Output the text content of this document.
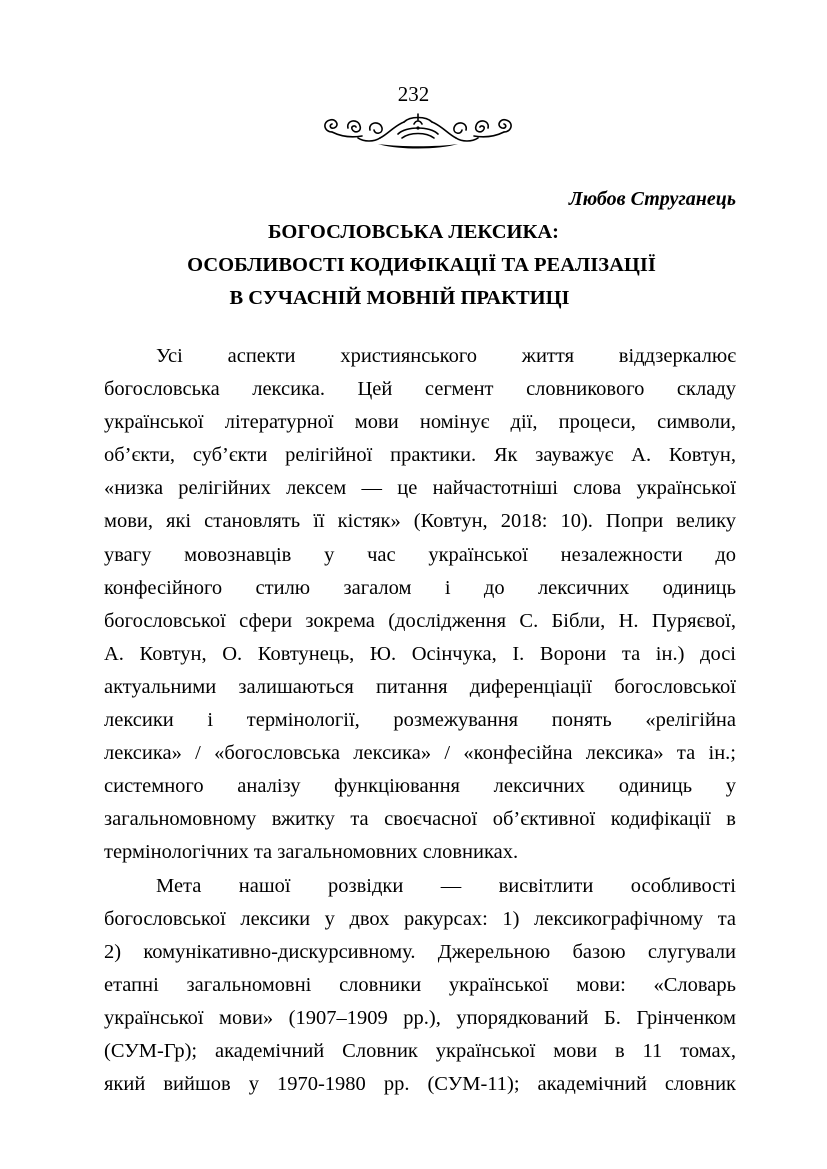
232
Любов Струганець
БОГОСЛОВСЬКА ЛЕКСИКА:
ОСОБЛИВОСТІ КОДИФІКАЦІЇ ТА РЕАЛІЗАЦІЇ
В СУЧАСНІЙ МОВНІЙ ПРАКТИЦІ
Усі аспекти християнського життя віддзеркалює
богословська лексика. Цей сегмент словникового складу
української літературної мови номінує дії, процеси, символи,
об’єкти, суб’єкти релігійної практики. Як зауважує А. Ковтун,
«низка релігійних лексем — це найчастотніші слова української
мови, які становлять її кістяк» (Ковтун, 2018: 10). Попри велику
увагу мовознавців у час української незалежности до
конфесійного стилю загалом і до лексичних одиниць
богословської сфери зокрема (дослідження С. Бібли, Н. Пуряєвої,
А. Ковтун, О. Ковтунець, Ю. Осінчука, І. Ворони та ін.) досі
актуальними залишаються питання диференціації богословської
лексики і термінології, розмежування понять «релігійна
лексика» / «богословська лексика» / «конфесійна лексика» та ін.;
системного аналізу функціювання лексичних одиниць у
загальномовному вжитку та своєчасної об’єктивної кодифікації в
термінологічних та загальномовних словниках.
Мета нашої розвідки — висвітлити особливості
богословської лексики у двох ракурсах: 1) лексикографічному та
2) комунікативно-дискурсивному. Джерельною базою слугували
етапні загальномовні словники української мови: «Словарь
української мови» (1907–1909 рр.), упорядкований Б. Грінченком
(СУМ-Гр); академічний Словник української мови в 11 томах,
який вийшов у 1970-1980 рр. (СУМ-11); академічний словник
